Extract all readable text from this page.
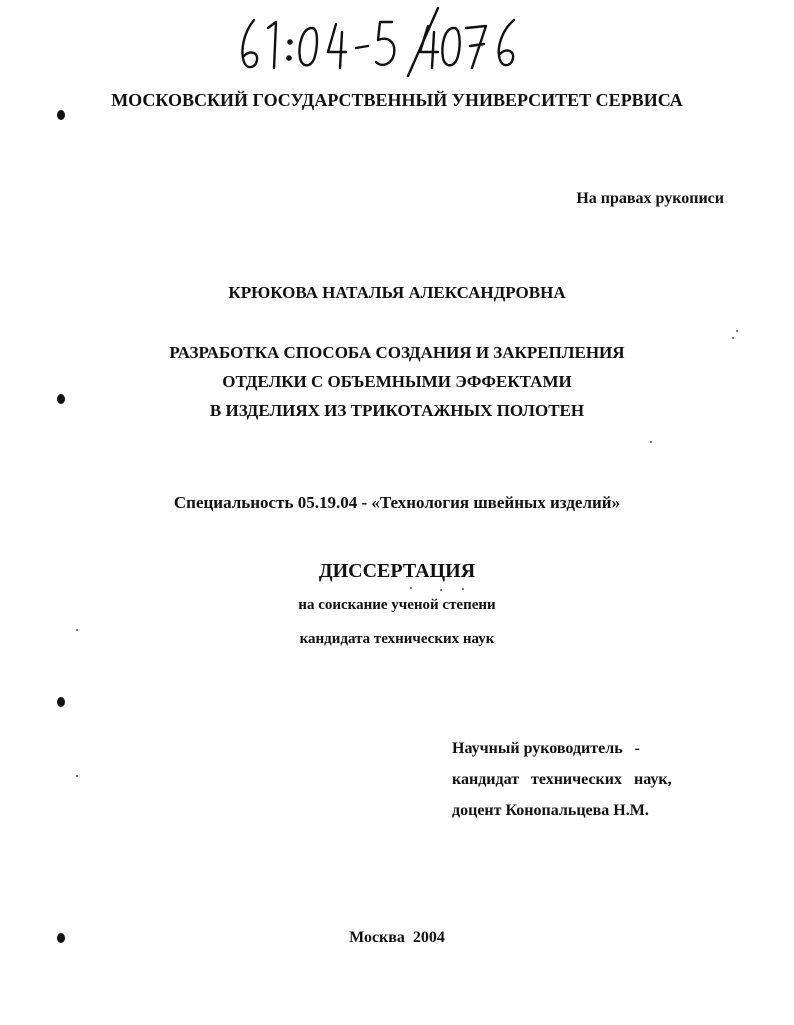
МОСКОВСКИЙ ГОСУДАРСТВЕННЫЙ УНИВЕРСИТЕТ СЕРВИСА
На правах рукописи
КРЮКОВА НАТАЛЬЯ АЛЕКСАНДРОВНА
РАЗРАБОТКА СПОСОБА СОЗДАНИЯ И ЗАКРЕПЛЕНИЯ
ОТДЕЛКИ С ОБЪЕМНЫМИ ЭФФЕКТАМИ
В ИЗДЕЛИЯХ ИЗ ТРИКОТАЖНЫХ ПОЛОТЕН
Специальность 05.19.04 - «Технология швейных изделий»
ДИССЕРТАЦИЯ
на соискание ученой степени
кандидата технических наук
Научный руководитель   -
кандидат   технических   наук,
доцент Конопальцева Н.М.
Москва  2004
